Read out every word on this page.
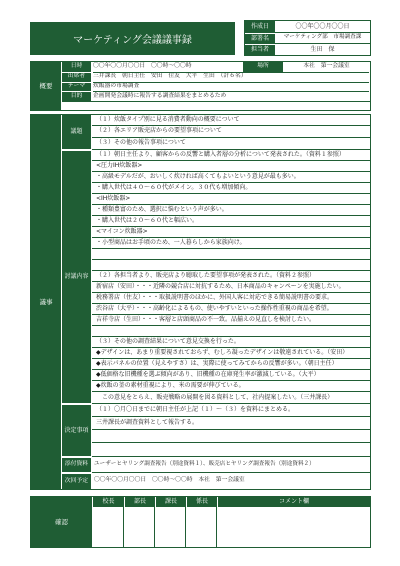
マーケティング会議議事録
作成日	〇〇年〇〇月〇〇日
部署名	マーケティング部　市場調査課
担当者	生田　保
概要
日時	〇〇年〇〇月〇〇日　〇〇時～〇〇時	場所	本社　第一会議室
出席者	三井課長　朝日主任　安田　住友　大平　生田　（計６名）
テーマ	炊飯器の市場調査
目的	企画開発会議時に報告する調査結果をまとめるため
議事
議題
（１）炊飯タイプ別に見る消費者動向の概要について
（２）各エリア販売店からの要望事項について
（３）その他の報告事項について
討議内容
（１）朝日主任より、顧客からの反響と購入者層の分析について発表された。（資料１参照）
<圧力IH炊飯器>
・高級モデルだが、おいしく炊ければ高くてもよいという意見が最も多い。
・購入世代は４０～６０代がメイン。３０代も増加傾向。
<IH炊飯器>
・種類豊富のため、選択に悩むという声が多い。
・購入世代は２０～６０代と幅広い。
<マイコン炊飯器>
・小型商品はお手頃のため、一人暮らしから家族向け。
（２）各担当者より、販売店より聴取した要望事項が発表された。（資料２参照）
新宿店（安田）・・・近隣の競合店に対抗するため、日本商品のキャンペーンを実施したい。
税務署店（住友）・・・取扱説明書のほかに、外国人客に対応できる簡易説明書の要求。
渋谷店（大平）・・・高齢化によるもの、使いやすいといった操作性重視の商品を希望。
吉祥寺店（生田）・・・客層と店頭商品の不一致。品揃えの見直しを検討したい。
（３）その他の調査結果について意見交換を行った。
◆デザインは、あまり重要視されておらず、むしろ凝ったデザインは敬遠されている。（安田）
◆表示パネルの位置（見えやすさ）は、実際に使ってみてからの反響が多い。（朝日主任）
◆低価格な旧機種を選ぶ傾向があり、旧機種の在庫発生率が激減している。（大平）
◆炊飯の釜の素材重視により、米の需要が伸びている。
　この意見をとらえ、販売戦略の展開を図る資料として、社内提案したい。（三井課長）
決定事項
（１）〇月〇日までに朝日主任が上記（１）～（３）を資料にまとめる。
三井課長が調査資料として報告する。
添付資料	ユーザーヒヤリング調査報告（別途資料１）、販売店ヒヤリング調査報告（別途資料２）
次回予定	〇〇年〇〇月〇〇日　〇〇時～〇〇時　本社　第一会議室
確認
校長	部長	課長	係長	コメント欄
